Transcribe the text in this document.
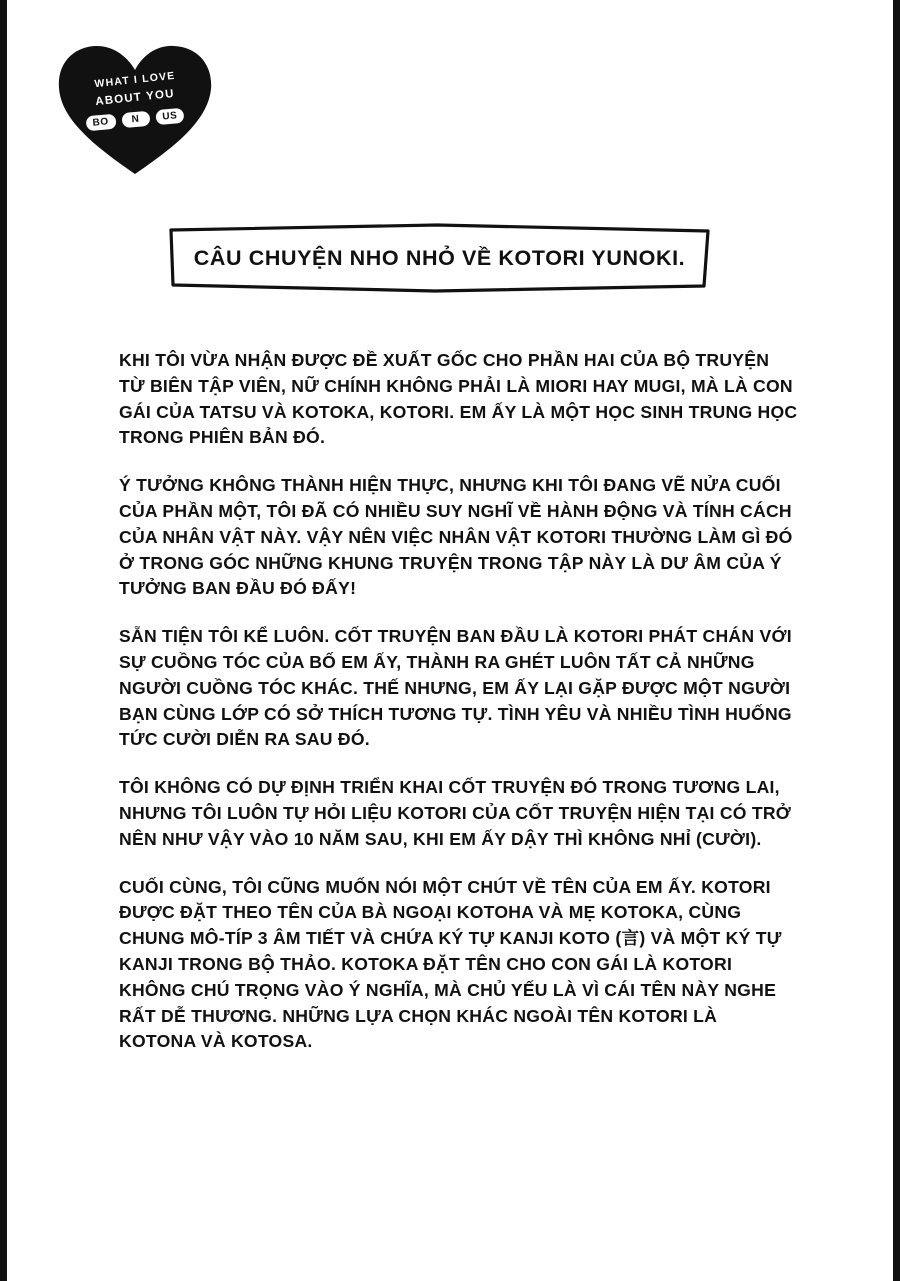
WHAT I LOVE
ABOUT YOU
BO	N	US
CÂU CHUYỆN NHO NHỎ VỀ KOTORI YUNOKI.

KHI TÔI VỪA NHẬN ĐƯỢC ĐỀ XUẤT GỐC CHO PHẦN HAI CỦA BỘ TRUYỆN TỪ BIÊN TẬP VIÊN, NỮ CHÍNH KHÔNG PHẢI LÀ MIORI HAY MUGI, MÀ LÀ CON GÁI CỦA TATSU VÀ KOTOKA, KOTORI. EM ẤY LÀ MỘT HỌC SINH TRUNG HỌC TRONG PHIÊN BẢN ĐÓ.

Ý TƯỞNG KHÔNG THÀNH HIỆN THỰC, NHƯNG KHI TÔI ĐANG VẼ NỬA CUỐI CỦA PHẦN MỘT, TÔI ĐÃ CÓ NHIỀU SUY NGHĨ VỀ HÀNH ĐỘNG VÀ TÍNH CÁCH CỦA NHÂN VẬT NÀY. VẬY NÊN VIỆC NHÂN VẬT KOTORI THƯỜNG LÀM GÌ ĐÓ Ở TRONG GÓC NHỮNG KHUNG TRUYỆN TRONG TẬP NÀY LÀ DƯ ÂM CỦA Ý TƯỞNG BAN ĐẦU ĐÓ ĐẤY!

SẴN TIỆN TÔI KỂ LUÔN. CỐT TRUYỆN BAN ĐẦU LÀ KOTORI PHÁT CHÁN VỚI SỰ CUỒNG TÓC CỦA BỐ EM ẤY, THÀNH RA GHÉT LUÔN TẤT CẢ NHỮNG NGƯỜI CUỒNG TÓC KHÁC. THẾ NHƯNG, EM ẤY LẠI GẶP ĐƯỢC MỘT NGƯỜI BẠN CÙNG LỚP CÓ SỞ THÍCH TƯƠNG TỰ. TÌNH YÊU VÀ NHIỀU TÌNH HUỐNG TỨC CƯỜI DIỄN RA SAU ĐÓ.

TÔI KHÔNG CÓ DỰ ĐỊNH TRIỂN KHAI CỐT TRUYỆN ĐÓ TRONG TƯƠNG LAI, NHƯNG TÔI LUÔN TỰ HỎI LIỆU KOTORI CỦA CỐT TRUYỆN HIỆN TẠI CÓ TRỞ NÊN NHƯ VẬY VÀO 10 NĂM SAU, KHI EM ẤY DẬY THÌ KHÔNG NHỈ (CƯỜI).

CUỐI CÙNG, TÔI CŨNG MUỐN NÓI MỘT CHÚT VỀ TÊN CỦA EM ẤY. KOTORI ĐƯỢC ĐẶT THEO TÊN CỦA BÀ NGOẠI KOTOHA VÀ MẸ KOTOKA, CÙNG CHUNG MÔ-TÍP 3 ÂM TIẾT VÀ CHỨA KÝ TỰ KANJI KOTO (言) VÀ MỘT KÝ TỰ KANJI TRONG BỘ THẢO. KOTOKA ĐẶT TÊN CHO CON GÁI LÀ KOTORI KHÔNG CHÚ TRỌNG VÀO Ý NGHĨA, MÀ CHỦ YẾU LÀ VÌ CÁI TÊN NÀY NGHE RẤT DỄ THƯƠNG. NHỮNG LỰA CHỌN KHÁC NGOÀI TÊN KOTORI LÀ KOTONA VÀ KOTOSA.
